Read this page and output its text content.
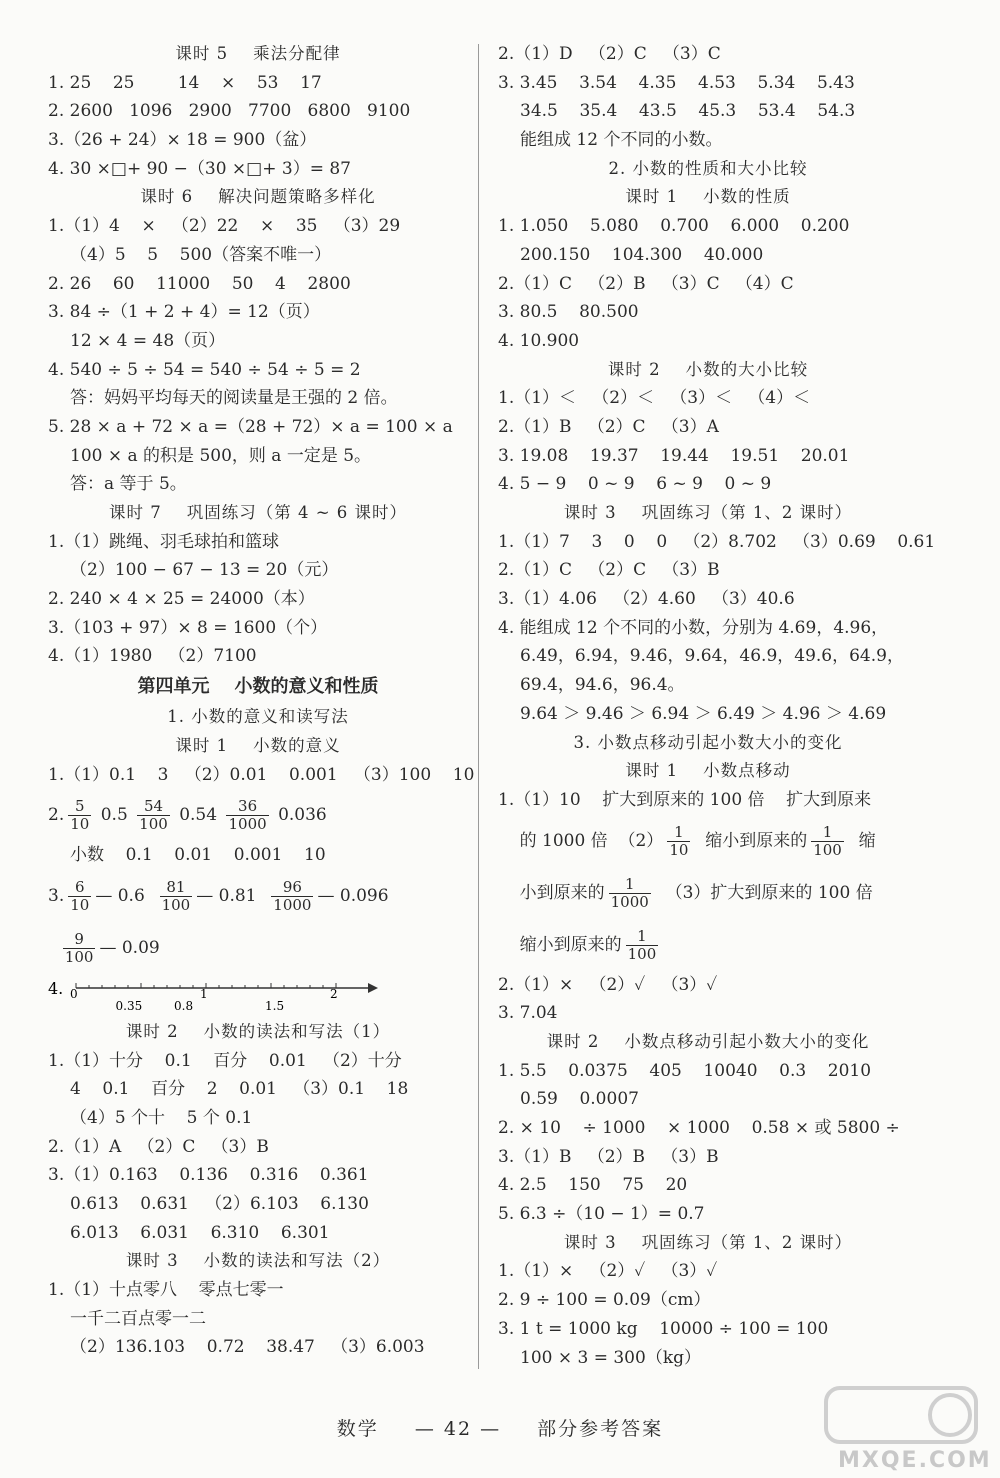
课时 5    乘法分配律
1. 25    25        14    ×    53    17
2. 2600   1096   2900   7700   6800   9100
3.（26 + 24）× 18 = 900（盆）
4. 30 ×□+ 90 −（30 ×□+ 3）= 87
课时 6    解决问题策略多样化
1.（1）4    ×   （2）22    ×    35   （3）29
（4）5    5    500（答案不唯一）
2. 26    60    11000    50    4    2800
3. 84 ÷（1 + 2 + 4）= 12（页）
12 × 4 = 48（页）
4. 540 ÷ 5 ÷ 54 = 540 ÷ 54 ÷ 5 = 2
答：妈妈平均每天的阅读量是王强的 2 倍。
5. 28 × a + 72 × a =（28 + 72）× a = 100 × a
100 × a 的积是 500，则 a 一定是 5。
答：a 等于 5。
课时 7    巩固练习（第 4 ~ 6 课时）
1.（1）跳绳、羽毛球拍和篮球
（2）100 − 67 − 13 = 20（元）
2. 240 × 4 × 25 = 24000（本）
3.（103 + 97）× 8 = 1600（个）
4.（1）1980   （2）7100
第四单元    小数的意义和性质
1. 小数的意义和读写法
课时 1    小数的意义
1.（1）0.1    3   （2）0.01    0.001   （3）100    10
2. $\frac{5}{10} 0.5 \frac{54}{100} 0.54 \frac{36}{1000} 0.036$
小数    0.1    0.01    0.001    10
3. $\frac{6}{10}$ — $0.6 \frac{81}{100}$ — $0.81 \frac{96}{1000}$ — 0.096

$\frac{9}{100}$ — 0.09
4. 0
0.35	0.8
1
1.5
2
课时 2    小数的读法和写法（1）
1.（1）十分    0.1    百分    0.01   （2）十分
4    0.1    百分    2    0.01   （3）0.1    18
（4）5 个十    5 个 0.1
2.（1）A   （2）C   （3）B
3.（1）0.163    0.136    0.316    0.361
0.613    0.631   （2）6.103    6.130
6.013    6.031    6.310    6.301
课时 3    小数的读法和写法（2）
1.（1）十点零八    零点七零一
一千二百点零一二
（2）136.103    0.72    38.47   （3）6.003
2.（1）D   （2）C   （3）C
3. 3.45    3.54    4.35    4.53    5.34    5.43
34.5    35.4    43.5    45.3    53.4    54.3
能组成 12 个不同的小数。
2. 小数的性质和大小比较
课时 1    小数的性质
1. 1.050    5.080    0.700    6.000    0.200
200.150    104.300    40.000
2.（1）C   （2）B   （3）C   （4）C
3. 80.5    80.500
4. 10.900
课时 2    小数的大小比较
1.（1）＜   （2）＜   （3）＜   （4）＜
2.（1）B   （2）C   （3）A
3. 19.08    19.37    19.44    19.51    20.01
4. 5 − 9    0 ~ 9    6 ~ 9    0 ~ 9
课时 3    巩固练习（第 1、2 课时）
1.（1）7    3    0    0   （2）8.702   （3）0.69    0.61
2.（1）C   （2）C   （3）B
3.（1）4.06   （2）4.60   （3）40.6
4. 能组成 12 个不同的小数，分别为 4.69，4.96，
6.49，6.94，9.46，9.64，46.9，49.6，64.9，
69.4，94.6，96.4。
9.64 ＞ 9.46 ＞ 6.94 ＞ 6.49 ＞ 4.96 ＞ 4.69
3. 小数点移动引起小数大小的变化
课时 1    小数点移动
1.（1）10    扩大到原来的 100 倍    扩大到原来
的 1000 倍  $(2) \frac{1}{10}$ 缩小到原来的 $\frac{1}{100}$ 缩
小到原来的 $\frac{1}{1000} (3)$扩大到原来的 100 倍
缩小到原来的 $\frac{1}{100}$
2.（1）×   （2）✓   （3）✓
3. 7.04
课时 2    小数点移动引起小数大小的变化
1. 5.5    0.0375    405    10040    0.3    2010
0.59    0.0007
2. × 10    ÷ 1000    × 1000    0.58 × 或 5800 ÷
3.（1）B   （2）B   （3）B
4. 2.5    150    75    20
5. 6.3 ÷（10 − 1）= 0.7
课时 3    巩固练习（第 1、2 课时）
1.（1）×   （2）✓   （3）✓
2. 9 ÷ 100 = 0.09（cm）
3. 1 t = 1000 kg    10000 ÷ 100 = 100
100 × 3 = 300（kg）
数学 — 42 — 部分参考答案
MXQE.COM
